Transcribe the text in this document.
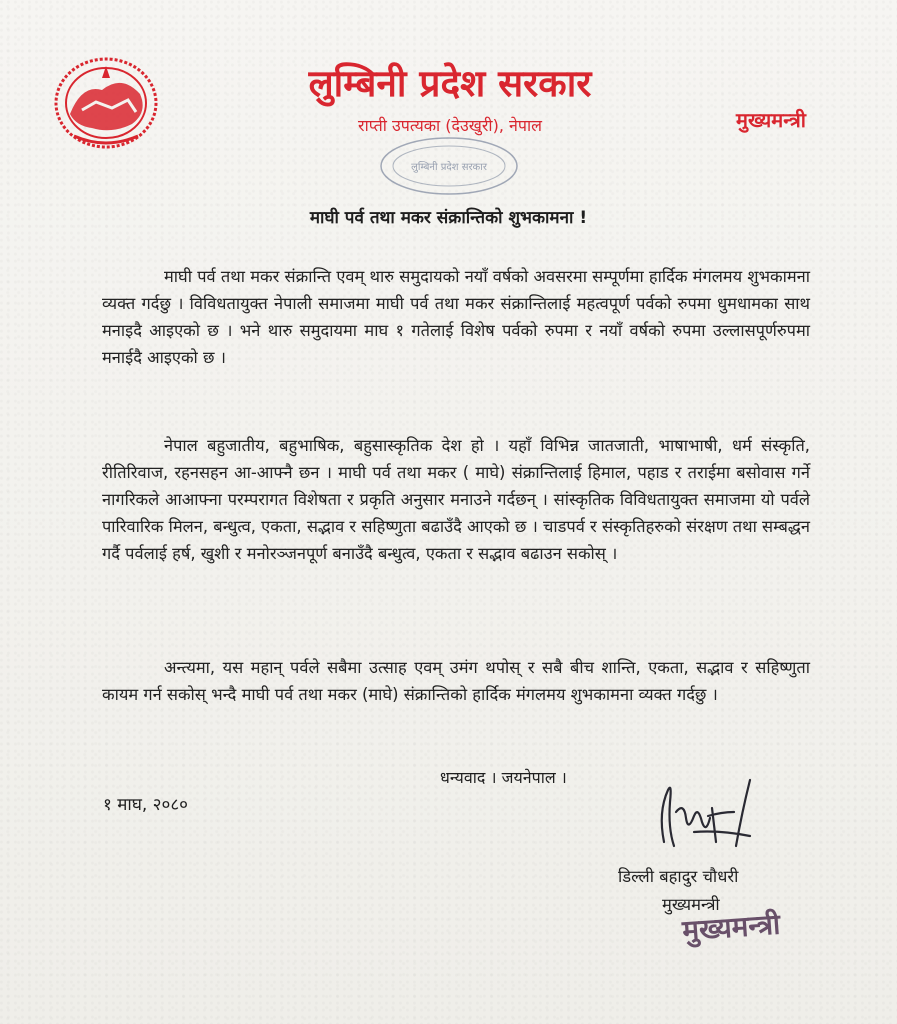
लुम्बिनी प्रदेश सरकार
राप्ती उपत्यका (देउखुरी), नेपाल	मुख्यमन्त्री
लुम्बिनी प्रदेश सरकार
माघी पर्व तथा मकर संक्रान्तिको शुभकामना !

माघी पर्व तथा मकर संक्रान्ति एवम् थारु समुदायको नयाँ वर्षको अवसरमा सम्पूर्णमा हार्दिक मंगलमय शुभकामना व्यक्त गर्दछु । विविधतायुक्त नेपाली समाजमा माघी पर्व तथा मकर संक्रान्तिलाई महत्वपूर्ण पर्वको रुपमा धुमधामका साथ मनाइदै आइएको छ । भने थारु समुदायमा माघ १ गतेलाई विशेष पर्वको रुपमा र नयाँ वर्षको रुपमा उल्लासपूर्णरुपमा मनाईदै आइएको छ ।

नेपाल बहुजातीय, बहुभाषिक, बहुसास्कृतिक देश हो । यहाँ विभिन्न जातजाती, भाषाभाषी, धर्म संस्कृति, रीतिरिवाज, रहनसहन आ-आफ्नै छन । माघी पर्व तथा मकर ( माघे) संक्रान्तिलाई हिमाल, पहाड र तराईमा बसोवास गर्ने नागरिकले आआफ्ना परम्परागत विशेषता र प्रकृति अनुसार मनाउने गर्दछन् । सांस्कृतिक विविधतायुक्त समाजमा यो पर्वले पारिवारिक मिलन, बन्धुत्व, एकता, सद्भाव र सहिष्णुता बढाउँदै आएको छ । चाडपर्व र संस्कृतिहरुको संरक्षण तथा सम्बद्धन गर्दै पर्वलाई हर्ष, खुशी र मनोरञ्जनपूर्ण बनाउँदै बन्धुत्व, एकता र सद्भाव बढाउन सकोस् ।

अन्त्यमा, यस महान् पर्वले सबैमा उत्साह एवम् उमंग थपोस् र सबै बीच शान्ति, एकता, सद्भाव र सहिष्णुता कायम गर्न सकोस् भन्दै माघी पर्व तथा मकर (माघे) संक्रान्तिको हार्दिक मंगलमय शुभकामना व्यक्त गर्दछु ।

धन्यवाद । जयनेपाल ।
१ माघ, २०८०
डिल्ली बहादुर चौधरी
मुख्यमन्त्री
मुख्यमन्त्री
